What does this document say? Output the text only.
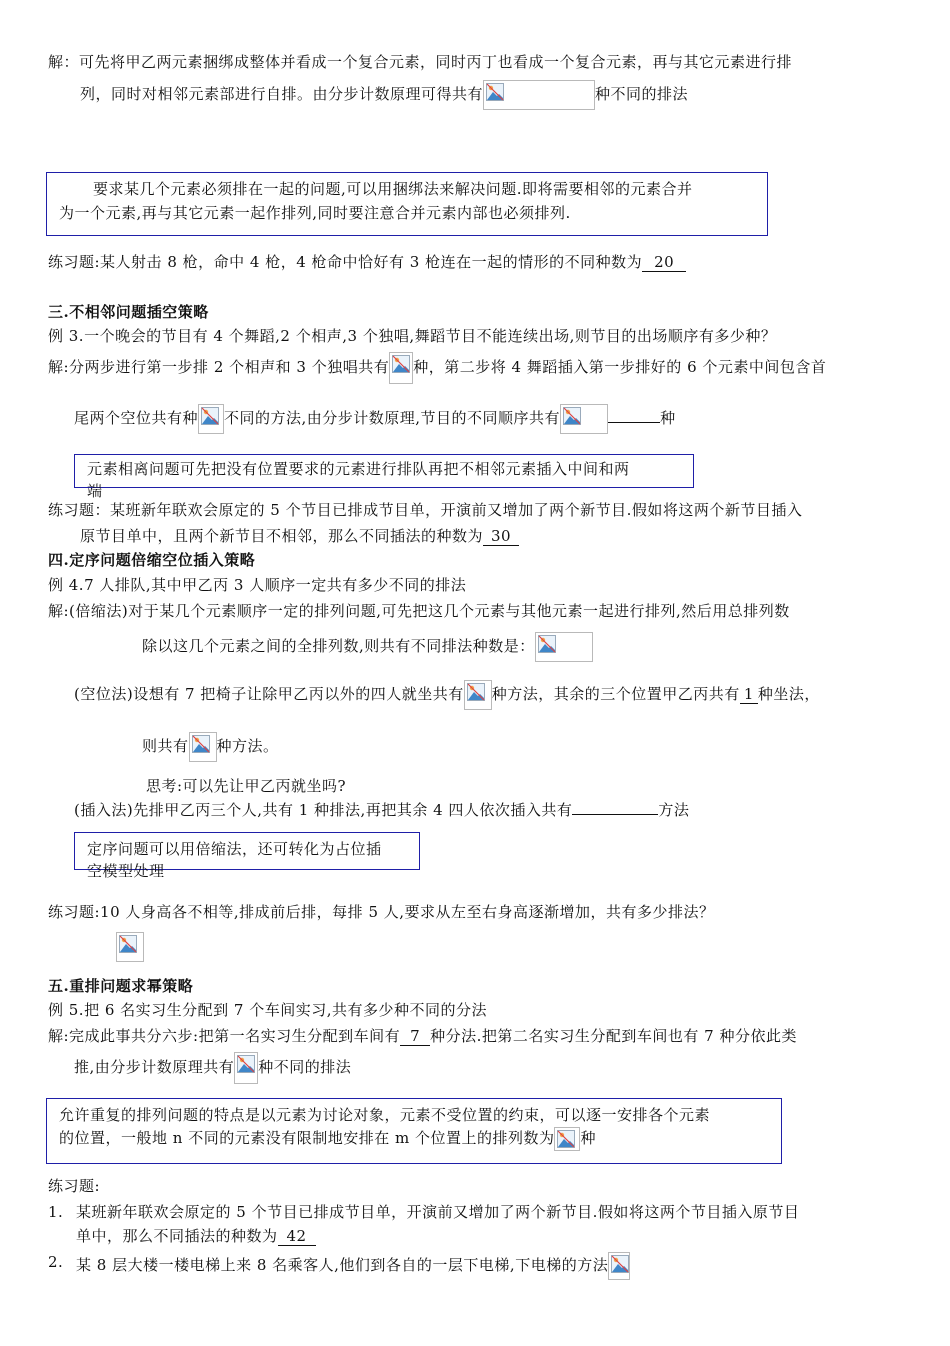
解：可先将甲乙两元素捆绑成整体并看成一个复合元素，同时丙丁也看成一个复合元素，再与其它元素进行排
列，同时对相邻元素部进行自排。由分步计数原理可得共有	种不同的排法
要求某几个元素必须排在一起的问题,可以用捆绑法来解决问题.即将需要相邻的元素合并
为一个元素,再与其它元素一起作排列,同时要注意合并元素内部也必须排列.
练习题:某人射击 8 枪，命中 4 枪，4 枪命中恰好有 3 枪连在一起的情形的不同种数为 20
三.不相邻问题插空策略
例 3.一个晚会的节目有 4 个舞蹈,2 个相声,3 个独唱,舞蹈节目不能连续出场,则节目的出场顺序有多少种？
解:分两步进行第一步排 2 个相声和 3 个独唱共有 种，第二步将 4 舞蹈插入第一步排好的 6 个元素中间包含首
尾两个空位共有种 不同的方法,由分步计数原理,节目的不同顺序共有	种
元素相离问题可先把没有位置要求的元素进行排队再把不相邻元素插入中间和两
端
练习题：某班新年联欢会原定的 5 个节目已排成节目单，开演前又增加了两个新节目.假如将这两个新节目插入
原节目单中，且两个新节目不相邻，那么不同插法的种数为 30
四.定序问题倍缩空位插入策略
例 4.7 人排队,其中甲乙丙 3 人顺序一定共有多少不同的排法
解:(倍缩法)对于某几个元素顺序一定的排列问题,可先把这几个元素与其他元素一起进行排列,然后用总排列数
除以这几个元素之间的全排列数,则共有不同排法种数是：
(空位法)设想有 7 把椅子让除甲乙丙以外的四人就坐共有 种方法，其余的三个位置甲乙丙共有 1 种坐法，
则共有 种方法。
思考:可以先让甲乙丙就坐吗?
(插入法)先排甲乙丙三个人,共有 1 种排法,再把其余 4 四人依次插入共有	方法
定序问题可以用倍缩法，还可转化为占位插
空模型处理
练习题:10 人身高各不相等,排成前后排，每排 5 人,要求从左至右身高逐渐增加，共有多少排法？
五.重排问题求幂策略
例 5.把 6 名实习生分配到 7 个车间实习,共有多少种不同的分法
解:完成此事共分六步:把第一名实习生分配到车间有 7 种分法.把第二名实习生分配到车间也有 7 种分依此类
推,由分步计数原理共有 种不同的排法
允许重复的排列问题的特点是以元素为讨论对象，元素不受位置的约束，可以逐一安排各个元素
的位置，一般地 n 不同的元素没有限制地安排在 m 个位置上的排列数为 种
练习题:
1. 某班新年联欢会原定的 5 个节目已排成节目单，开演前又增加了两个新节目.假如将这两个节目插入原节目
单中，那么不同插法的种数为 42
2. 某 8 层大楼一楼电梯上来 8 名乘客人,他们到各自的一层下电梯,下电梯的方法
